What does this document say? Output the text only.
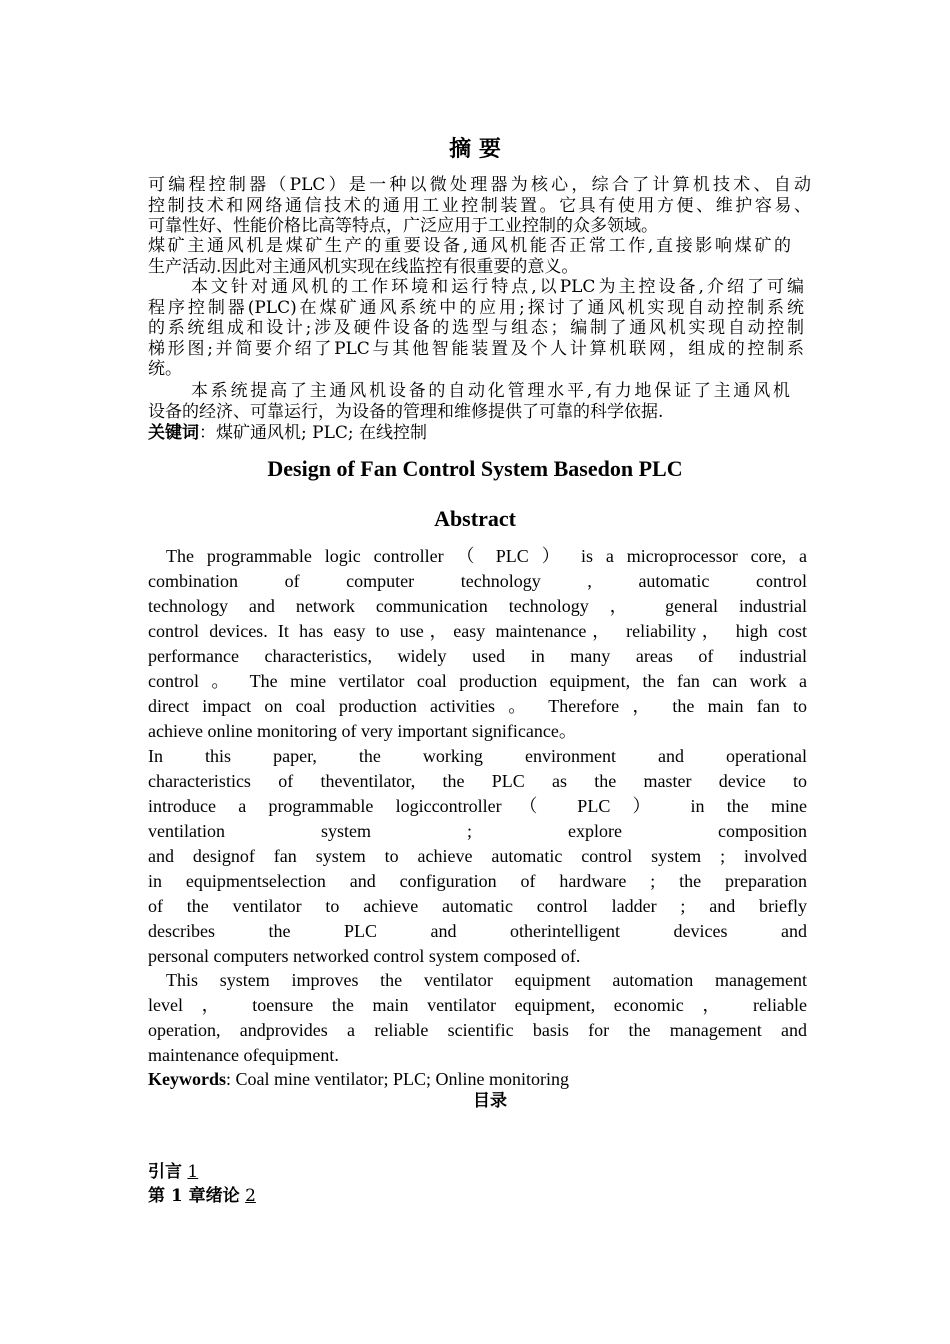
摘 要
可编程控制器（PLC）是一种以微处理器为核心，综合了计算机技术、自动
控制技术和网络通信技术的通用工业控制装置。它具有使用方便、维护容易、
可靠性好、性能价格比高等特点，广泛应用于工业控制的众多领域。
煤矿主通风机是煤矿生产的重要设备,通风机能否正常工作,直接影响煤矿的
生产活动.因此对主通风机实现在线监控有很重要的意义。
本文针对通风机的工作环境和运行特点,以PLC为主控设备,介绍了可编
程序控制器(PLC)在煤矿通风系统中的应用;探讨了通风机实现自动控制系统
的系统组成和设计;涉及硬件设备的选型与组态；编制了通风机实现自动控制
梯形图;并简要介绍了PLC与其他智能装置及个人计算机联网，组成的控制系
统。
本系统提高了主通风机设备的自动化管理水平,有力地保证了主通风机
设备的经济、可靠运行，为设备的管理和维修提供了可靠的科学依据.
关键词：煤矿通风机; PLC; 在线控制
Design of Fan Control System Basedon PLC
Abstract
The programmable logic controller （ PLC ） is a microprocessor core, a
combination of computer technology , automatic control
technology and network communication technology ， general industrial
control devices. It has easy to use，easy maintenance， reliability， high cost
performance characteristics, widely used in many areas of industrial
control 。 The mine vertilator coal production equipment, the fan can work a
direct impact on coal production activities 。 Therefore ， the main fan to
achieve online monitoring of very important significance。
In this paper, the working environment and operational
characteristics of theventilator, the PLC as the master device to
introduce a programmable logiccontroller（ PLC ） in the mine
ventilation system ; explore composition
and designof fan system to achieve automatic control system ; involved
in equipmentselection and configuration of hardware ; the preparation
of the ventilator to achieve automatic control ladder ; and briefly
describes the PLC and otherintelligent devices and
personal computers networked control system composed of.
This system improves the ventilator equipment automation management
level ， toensure the main ventilator equipment, economic ， reliable
operation, andprovides a reliable scientific basis for the management and
maintenance ofequipment.
Keywords: Coal mine ventilator; PLC; Online monitoring
目录
引言 1
第 1 章绪论 2
